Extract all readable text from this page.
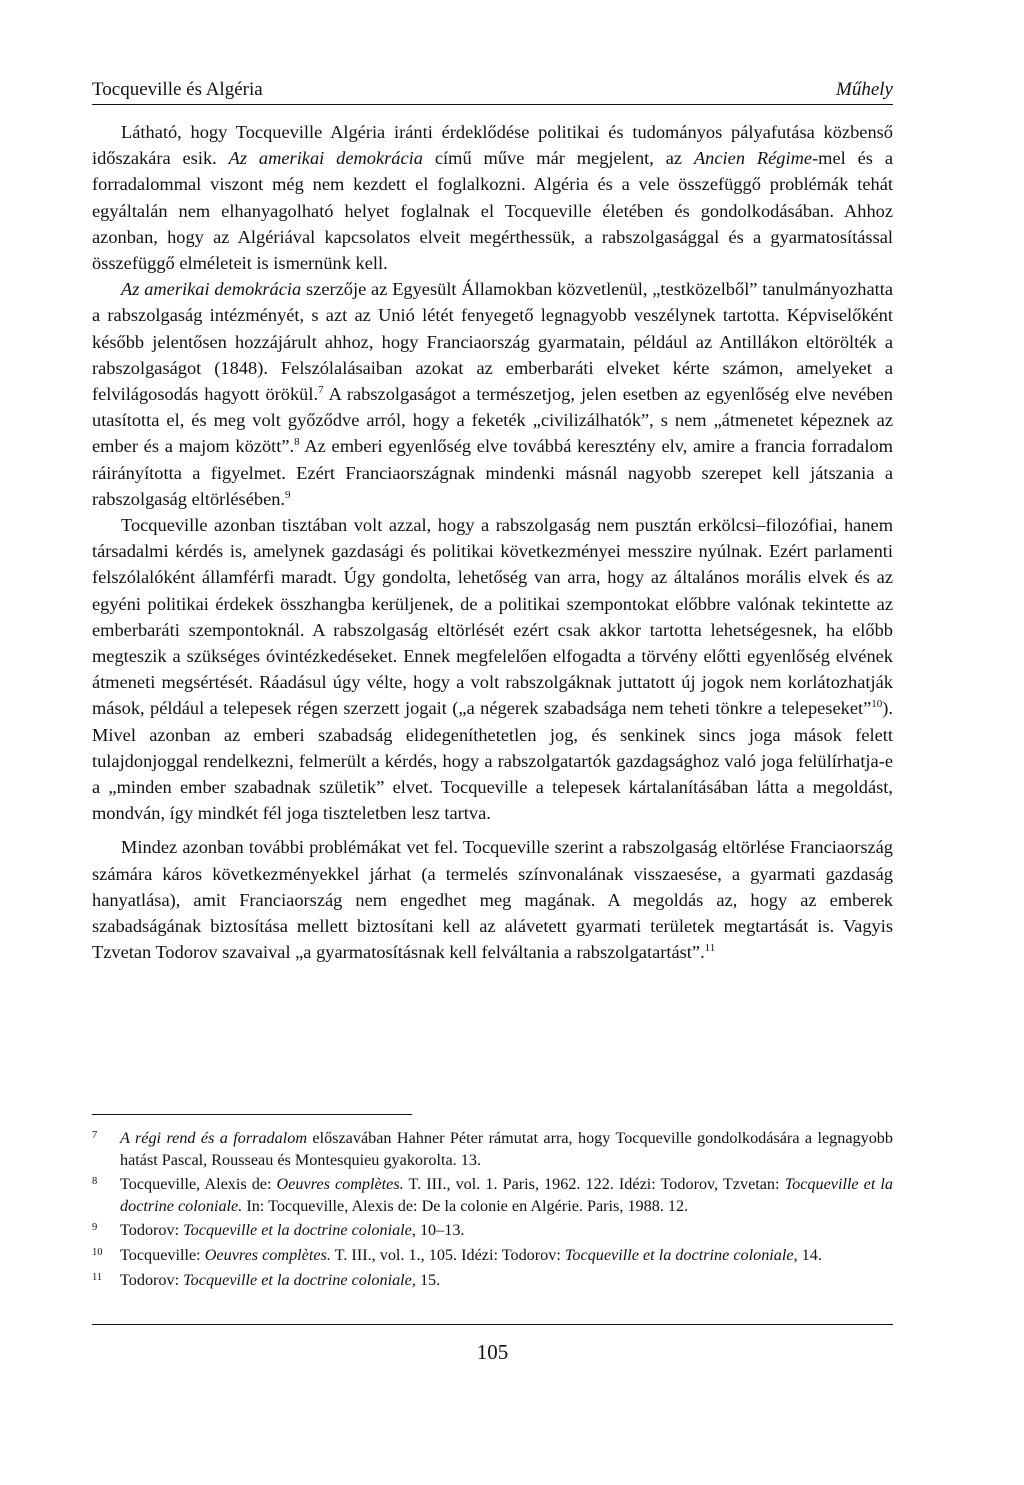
Tocqueville és Algéria	Műhely

Látható, hogy Tocqueville Algéria iránti érdeklődése politikai és tudományos pályafutása közbenső időszakára esik. Az amerikai demokrácia című műve már megjelent, az Ancien Régime-mel és a forradalommal viszont még nem kezdett el foglalkozni. Algéria és a vele összefüggő problémák tehát egyáltalán nem elhanyagolható helyet foglalnak el Tocqueville életében és gondolkodásában. Ahhoz azonban, hogy az Algériával kapcsolatos elveit megérthessük, a rabszolgasággal és a gyarmatosítással összefüggő elméleteit is ismernünk kell.

Az amerikai demokrácia szerzője az Egyesült Államokban közvetlenül, „testközelből” tanulmányozhatta a rabszolgaság intézményét, s azt az Unió létét fenyegető legnagyobb veszélynek tartotta. Képviselőként később jelentősen hozzájárult ahhoz, hogy Franciaország gyarmatain, például az Antillákon eltörölték a rabszolgaságot (1848). Felszólalásaiban azokat az emberbaráti elveket kérte számon, amelyeket a felvilágosodás hagyott örökül.$^7$ A rabszolgaságot a természetjog, jelen esetben az egyenlőség elve nevében utasította el, és meg volt győződve arról, hogy a feketék „civilizálhatók”, s nem „átmenetet képeznek az ember és a majom között”.$^8$ Az emberi egyenlőség elve továbbá keresztény elv, amire a francia forradalom ráirányította a figyelmet. Ezért Franciaországnak mindenki másnál nagyobb szerepet kell játszania a rabszolgaság eltörlésében.$^9$

Tocqueville azonban tisztában volt azzal, hogy a rabszolgaság nem pusztán erkölcsi–filozófiai, hanem társadalmi kérdés is, amelynek gazdasági és politikai következményei messzire nyúlnak. Ezért parlamenti felszólalóként államférfi maradt. Úgy gondolta, lehetőség van arra, hogy az általános morális elvek és az egyéni politikai érdekek összhangba kerüljenek, de a politikai szempontokat előbbre valónak tekintette az emberbaráti szempontoknál. A rabszolgaság eltörlését ezért csak akkor tartotta lehetségesnek, ha előbb megteszik a szükséges óvintézkedéseket. Ennek megfelelően elfogadta a törvény előtti egyenlőség elvének átmeneti megsértését. Ráadásul úgy vélte, hogy a volt rabszolgáknak juttatott új jogok nem korlátozhatják mások, például a telepesek régen szerzett jogait („a négerek szabadsága nem teheti tönkre a telepeseket”$^{10}$). Mivel azonban az emberi szabadság elidegeníthetetlen jog, és senkinek sincs joga mások felett tulajdonjoggal rendelkezni, felmerült a kérdés, hogy a rabszolgatartók gazdagsághoz való joga felülírhatja-e a „minden ember szabadnak születik” elvet. Tocqueville a telepesek kártalanításában látta a megoldást, mondván, így mindkét fél joga tiszteletben lesz tartva.

Mindez azonban további problémákat vet fel. Tocqueville szerint a rabszolgaság eltörlése Franciaország számára káros következményekkel járhat (a termelés színvonalának visszaesése, a gyarmati gazdaság hanyatlása), amit Franciaország nem engedhet meg magának. A megoldás az, hogy az emberek szabadságának biztosítása mellett biztosítani kell az alávetett gyarmati területek megtartását is. Vagyis Tzvetan Todorov szavaival „a gyarmatosításnak kell felváltania a rabszolgatartást”.$^{11}$

7	A régi rend és a forradalom előszavában Hahner Péter rámutat arra, hogy Tocqueville gondolkodására a legnagyobb hatást Pascal, Rousseau és Montesquieu gyakorolta. 13.
8	Tocqueville, Alexis de: Oeuvres complètes. T. III., vol. 1. Paris, 1962. 122. Idézi: Todorov, Tzvetan: Tocqueville et la doctrine coloniale. In: Tocqueville, Alexis de: De la colonie en Algérie. Paris, 1988. 12.
9	Todorov: Tocqueville et la doctrine coloniale, 10–13.
10	Tocqueville: Oeuvres complètes. T. III., vol. 1., 105. Idézi: Todorov: Tocqueville et la doctrine coloniale, 14.
11	Todorov: Tocqueville et la doctrine coloniale, 15.
105
